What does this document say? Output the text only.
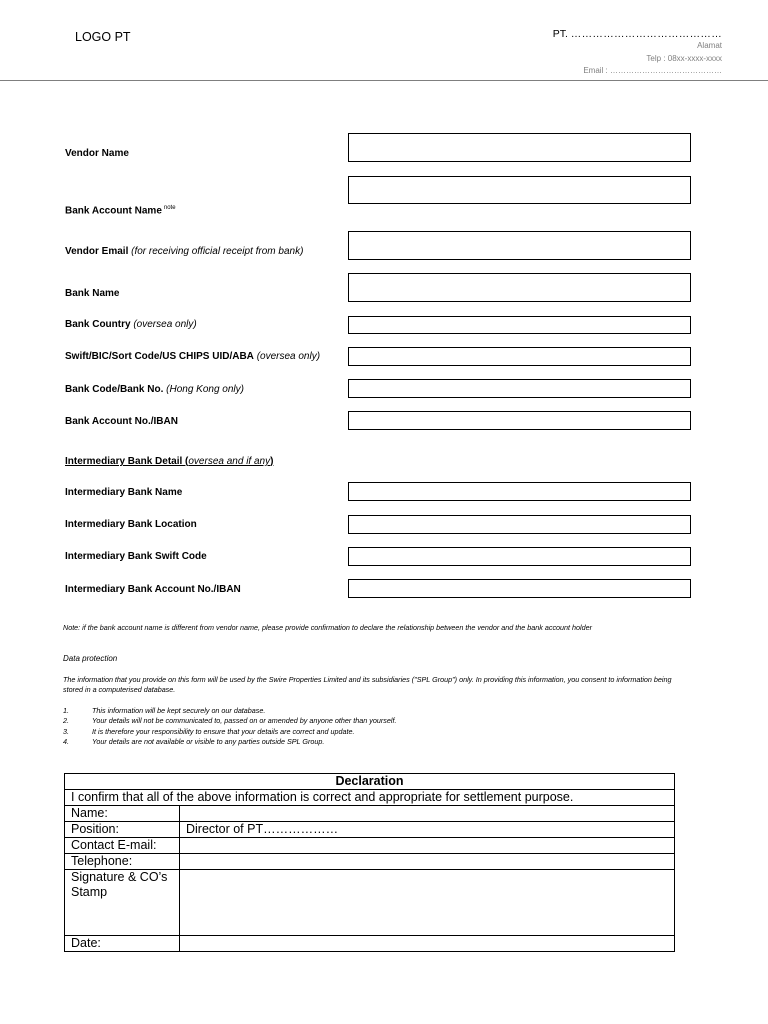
LOGO PT	PT. ……………………………………
Alamat
Telp : 08xx-xxxx-xxxx
Email : ……………………………………
Vendor Name
Bank Account Name $^{note}$
Vendor Email (for receiving official receipt from bank)
Bank Name
Bank Country (oversea only)
Swift/BIC/Sort Code/US CHIPS UID/ABA (oversea only)
Bank Code/Bank No. (Hong Kong only)
Bank Account No./IBAN
Intermediary Bank Detail (oversea and if any)
Intermediary Bank Name
Intermediary Bank Location
Intermediary Bank Swift Code
Intermediary Bank Account No./IBAN
Note: if the bank account name is different from vendor name, please provide confirmation to declare the relationship between the vendor and the bank account holder
Data protection
The information that you provide on this form will be used by the Swire Properties Limited and its subsidiaries ("SPL Group") only. In providing this information, you consent to information being stored in a computerised database.
1.	This information will be kept securely on our database.
2.	Your details will not be communicated to, passed on or amended by anyone other than yourself.
3.	It is therefore your responsibility to ensure that your details are correct and update.
4.	Your details are not available or visible to any parties outside SPL Group.
Declaration	
I confirm that all of the above information is correct and appropriate for settlement purpose.	
Name:	
Position:	Director of PT………………
Contact E-mail:	
Telephone:	
Signature & CO’s Stamp	
Date:	
